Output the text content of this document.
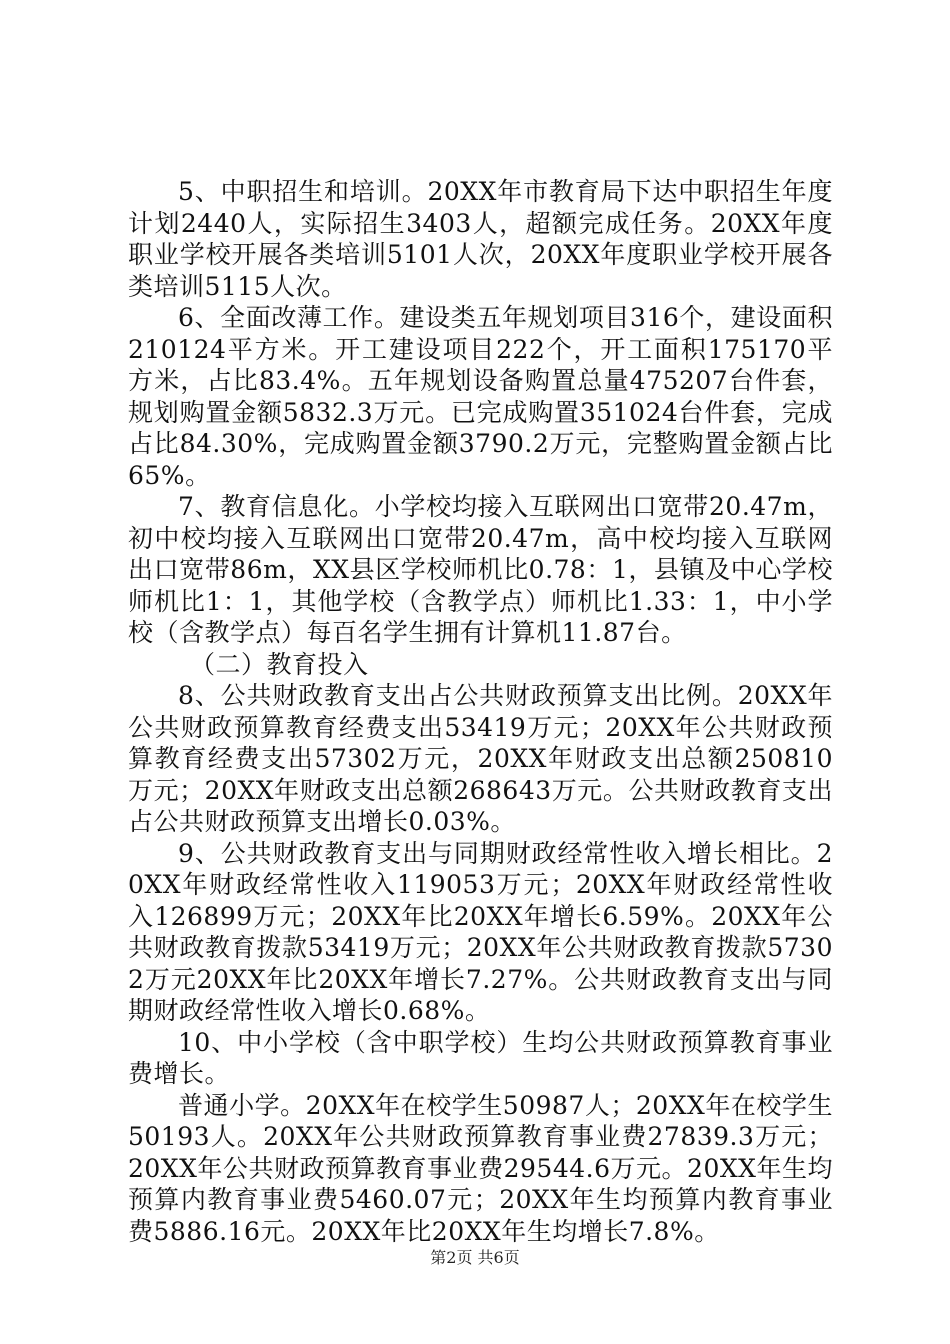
5、中职招生和培训。20XX年市教育局下达中职招生年度计划2440人，实际招生3403人，超额完成任务。20XX年度职业学校开展各类培训5101人次，20XX年度职业学校开展各类培训5115人次。

6、全面改薄工作。建设类五年规划项目316个，建设面积210124平方米。开工建设项目222个，开工面积175170平方米，占比83.4%。五年规划设备购置总量475207台件套，规划购置金额5832.3万元。已完成购置351024台件套，完成占比84.30%，完成购置金额3790.2万元，完整购置金额占比65%。

7、教育信息化。小学校均接入互联网出口宽带20.47m，初中校均接入互联网出口宽带20.47m，高中校均接入互联网出口宽带86m，XX县区学校师机比0.78：1，县镇及中心学校师机比1：1，其他学校（含教学点）师机比1.33：1，中小学校（含教学点）每百名学生拥有计算机11.87台。

（二）教育投入

8、公共财政教育支出占公共财政预算支出比例。20XX年公共财政预算教育经费支出53419万元；20XX年公共财政预算教育经费支出57302万元，20XX年财政支出总额250810万元；20XX年财政支出总额268643万元。公共财政教育支出占公共财政预算支出增长0.03%。

9、公共财政教育支出与同期财政经常性收入增长相比。20XX年财政经常性收入119053万元；20XX年财政经常性收入126899万元；20XX年比20XX年增长6.59%。20XX年公共财政教育拨款53419万元；20XX年公共财政教育拨款57302万元20XX年比20XX年增长7.27%。公共财政教育支出与同期财政经常性收入增长0.68%。

10、中小学校（含中职学校）生均公共财政预算教育事业费增长。

普通小学。20XX年在校学生50987人；20XX年在校学生50193人。20XX年公共财政预算教育事业费27839.3万元；20XX年公共财政预算教育事业费29544.6万元。20XX年生均预算内教育事业费5460.07元；20XX年生均预算内教育事业费5886.16元。20XX年比20XX年生均增长7.8%。

第2页 共6页
